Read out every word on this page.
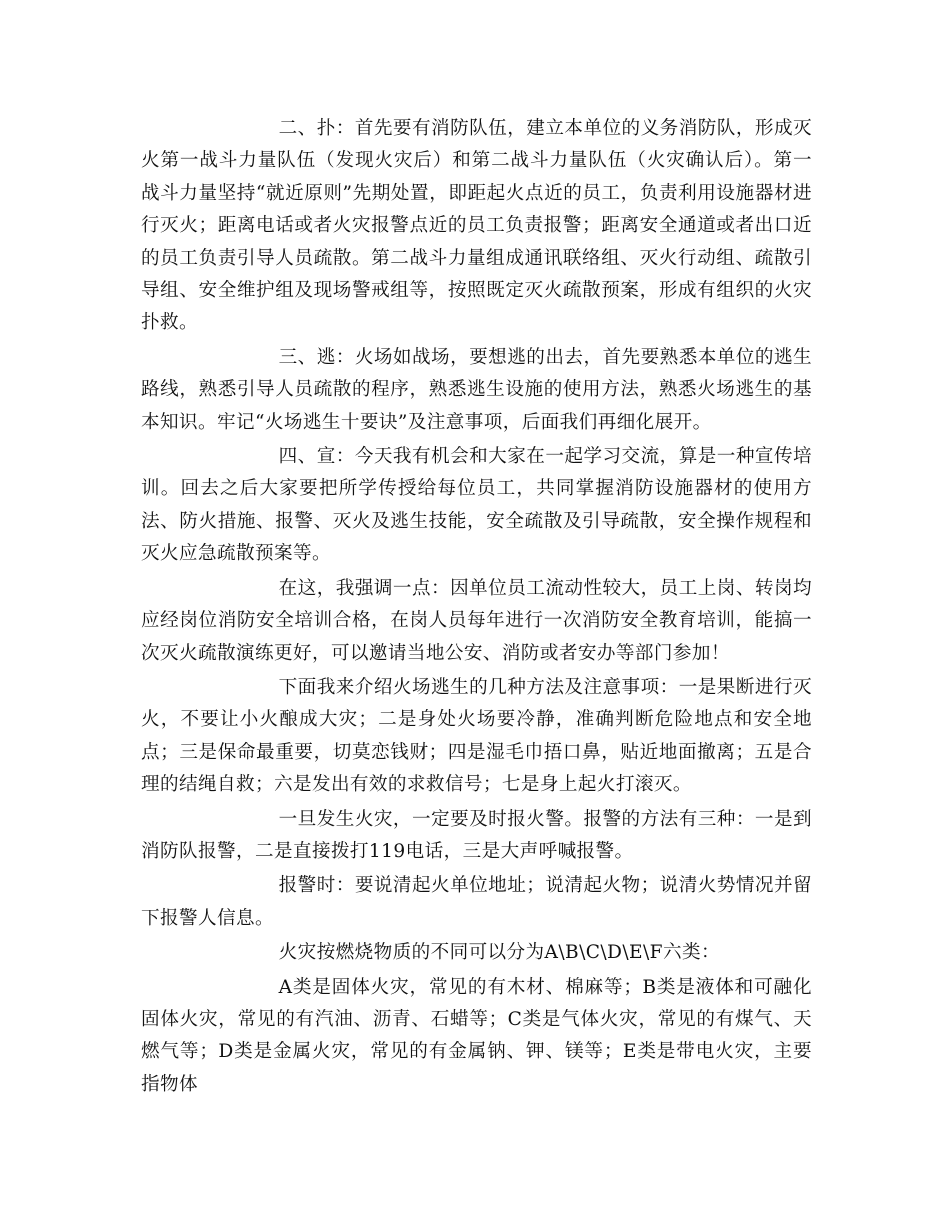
二、扑：首先要有消防队伍，建立本单位的义务消防队，形成灭火第一战斗力量队伍（发现火灾后）和第二战斗力量队伍（火灾确认后）。第一战斗力量坚持“就近原则”先期处置，即距起火点近的员工，负责利用设施器材进行灭火；距离电话或者火灾报警点近的员工负责报警；距离安全通道或者出口近的员工负责引导人员疏散。第二战斗力量组成通讯联络组、灭火行动组、疏散引导组、安全维护组及现场警戒组等，按照既定灭火疏散预案，形成有组织的火灾扑救。

三、逃：火场如战场，要想逃的出去，首先要熟悉本单位的逃生路线，熟悉引导人员疏散的程序，熟悉逃生设施的使用方法，熟悉火场逃生的基本知识。牢记“火场逃生十要诀”及注意事项，后面我们再细化展开。

四、宣：今天我有机会和大家在一起学习交流，算是一种宣传培训。回去之后大家要把所学传授给每位员工，共同掌握消防设施器材的使用方法、防火措施、报警、灭火及逃生技能，安全疏散及引导疏散，安全操作规程和灭火应急疏散预案等。

在这，我强调一点：因单位员工流动性较大，员工上岗、转岗均应经岗位消防安全培训合格，在岗人员每年进行一次消防安全教育培训，能搞一次灭火疏散演练更好，可以邀请当地公安、消防或者安办等部门参加！

下面我来介绍火场逃生的几种方法及注意事项：一是果断进行灭火，不要让小火酿成大灾；二是身处火场要冷静，准确判断危险地点和安全地点；三是保命最重要，切莫恋钱财；四是湿毛巾捂口鼻，贴近地面撤离；五是合理的结绳自救；六是发出有效的求救信号；七是身上起火打滚灭。

一旦发生火灾，一定要及时报火警。报警的方法有三种：一是到消防队报警，二是直接拨打119电话，三是大声呼喊报警。

报警时：要说清起火单位地址；说清起火物；说清火势情况并留下报警人信息。

火灾按燃烧物质的不同可以分为A\B\C\D\E\F六类：

A类是固体火灾，常见的有木材、棉麻等；B类是液体和可融化固体火灾，常见的有汽油、沥青、石蜡等；C类是气体火灾，常见的有煤气、天燃气等；D类是金属火灾，常见的有金属钠、钾、镁等；E类是带电火灾，主要指物体
